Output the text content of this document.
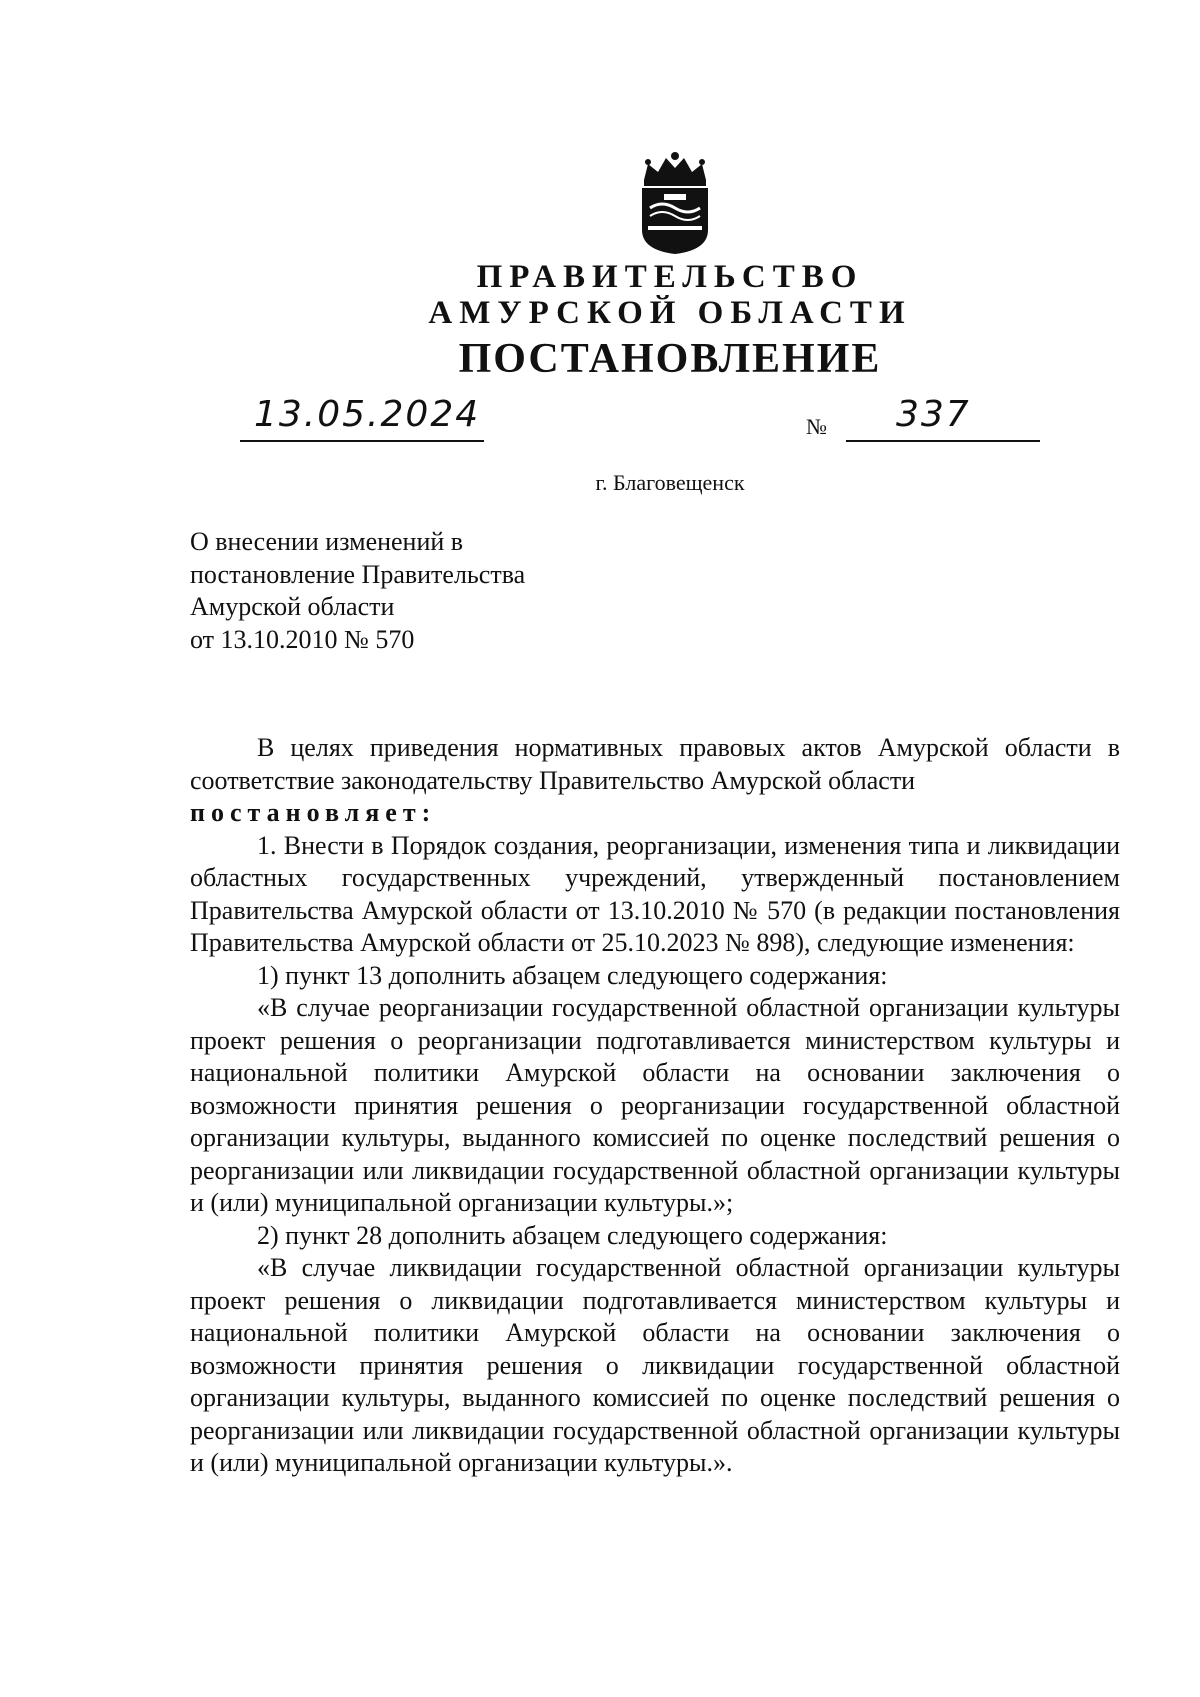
ПРАВИТЕЛЬСТВО
АМУРСКОЙ ОБЛАСТИ
ПОСТАНОВЛЕНИЕ
13.05.2024	№ 337
г. Благовещенск
О внесении изменений в
постановление Правительства
Амурской области
от 13.10.2010 № 570

В целях приведения нормативных правовых актов Амурской области в соответствие законодательству Правительство Амурской области

постановляет:

1. Внести в Порядок создания, реорганизации, изменения типа и ликвидации областных государственных учреждений, утвержденный постановлением Правительства Амурской области от 13.10.2010 № 570 (в редакции постановления Правительства Амурской области от 25.10.2023 № 898), следующие изменения:

1) пункт 13 дополнить абзацем следующего содержания:

«В случае реорганизации государственной областной организации культуры проект решения о реорганизации подготавливается министерством культуры и национальной политики Амурской области на основании заключения о возможности принятия решения о реорганизации государственной областной организации культуры, выданного комиссией по оценке последствий решения о реорганизации или ликвидации государственной областной организации культуры и (или) муниципальной организации культуры.»;

2) пункт 28 дополнить абзацем следующего содержания:

«В случае ликвидации государственной областной организации культуры проект решения о ликвидации подготавливается министерством культуры и национальной политики Амурской области на основании заключения о возможности принятия решения о ликвидации государственной областной организации культуры, выданного комиссией по оценке последствий решения о реорганизации или ликвидации государственной областной организации культуры и (или) муниципальной организации культуры.».
